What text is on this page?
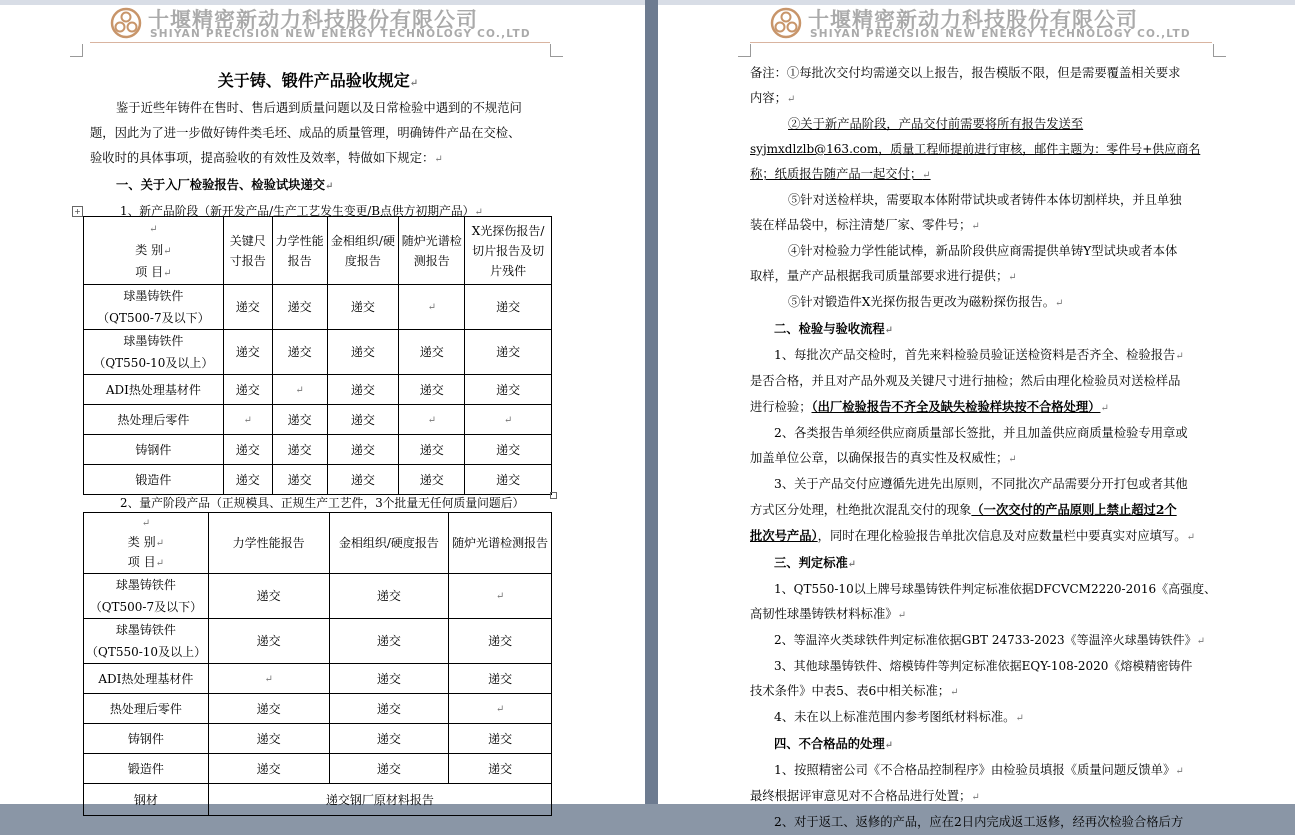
十堰精密新动力科技股份有限公司
SHIYAN PRECISION NEW ENERGY TECHNOLOGY CO.,LTD
关于铸、锻件产品验收规定↵
鉴于近些年铸件在售时、售后遇到质量问题以及日常检验中遇到的不规范问
题，因此为了进一步做好铸件类毛坯、成品的质量管理，明确铸件产品在交检、
验收时的具体事项，提高验收的有效性及效率，特做如下规定：↵
一、关于入厂检验报告、检验试块递交↵
1、新产品阶段（新开发产品/生产工艺发生变更/B点供方初期产品）↵
+
↵
类 别↵
项 目↵	关键尺寸报告	力学性能报告	金相组织/硬度报告	随炉光谱检测报告	X光探伤报告/切片报告及切片残件
球墨铸铁件
（QT500-7及以下）	递交	递交	递交	↵	递交
球墨铸铁件
（QT550-10及以上）	递交	递交	递交	递交	递交
ADI热处理基材件	递交	↵	递交	递交	递交
热处理后零件	↵	递交	递交	↵	↵
铸钢件	递交	递交	递交	递交	递交
锻造件	递交	递交	递交	递交	递交
2、量产阶段产品（正规模具、正规生产工艺件，3个批量无任何质量问题后）
↵
类 别↵
项 目↵	力学性能报告	金相组织/硬度报告	随炉光谱检测报告
球墨铸铁件
（QT500-7及以下）	递交	递交	↵
球墨铸铁件
（QT550-10及以上）	递交	递交	递交
ADI热处理基材件	↵	递交	递交
热处理后零件	递交	递交	↵
铸钢件	递交	递交	递交
锻造件	递交	递交	递交
钢材	递交钢厂原材料报告		
十堰精密新动力科技股份有限公司
SHIYAN PRECISION NEW ENERGY TECHNOLOGY CO.,LTD
备注：①每批次交付均需递交以上报告，报告模版不限，但是需要覆盖相关要求
内容；↵
②关于新产品阶段，产品交付前需要将所有报告发送至
syjmxdlzlb@163.com，质量工程师提前进行审核，邮件主题为：零件号+供应商名
称；纸质报告随产品一起交付；↵
⑤针对送检样块，需要取本体附带试块或者铸件本体切割样块，并且单独
装在样品袋中，标注清楚厂家、零件号；↵
④针对检验力学性能试棒，新品阶段供应商需提供单铸Y型试块或者本体
取样，量产产品根据我司质量部要求进行提供；↵
⑤针对锻造件X光探伤报告更改为磁粉探伤报告。↵
二、检验与验收流程↵
1、每批次产品交检时，首先来料检验员验证送检资料是否齐全、检验报告↵
是否合格，并且对产品外观及关键尺寸进行抽检；然后由理化检验员对送检样品
进行检验；（出厂检验报告不齐全及缺失检验样块按不合格处理）↵
2、各类报告单须经供应商质量部长签批，并且加盖供应商质量检验专用章或
加盖单位公章，以确保报告的真实性及权威性；↵
3、关于产品交付应遵循先进先出原则，不同批次产品需要分开打包或者其他
方式区分处理，杜绝批次混乱交付的现象（一次交付的产品原则上禁止超过2个
批次号产品），同时在理化检验报告单批次信息及对应数量栏中要真实对应填写。↵
三、判定标准↵
1、QT550-10以上牌号球墨铸铁件判定标准依据DFCVCM2220-2016《高强度、
高韧性球墨铸铁材料标准》↵
2、等温淬火类球铁件判定标准依据GBT 24733-2023《等温淬火球墨铸铁件》↵
3、其他球墨铸铁件、熔模铸件等判定标准依据EQY-108-2020《熔模精密铸件
技术条件》中表5、表6中相关标准；↵
4、未在以上标准范围内参考图纸材料标准。↵
四、不合格品的处理↵
1、按照精密公司《不合格品控制程序》由检验员填报《质量问题反馈单》↵
最终根据评审意见对不合格品进行处置；↵
2、对于返工、返修的产品，应在2日内完成返工返修，经再次检验合格后方
